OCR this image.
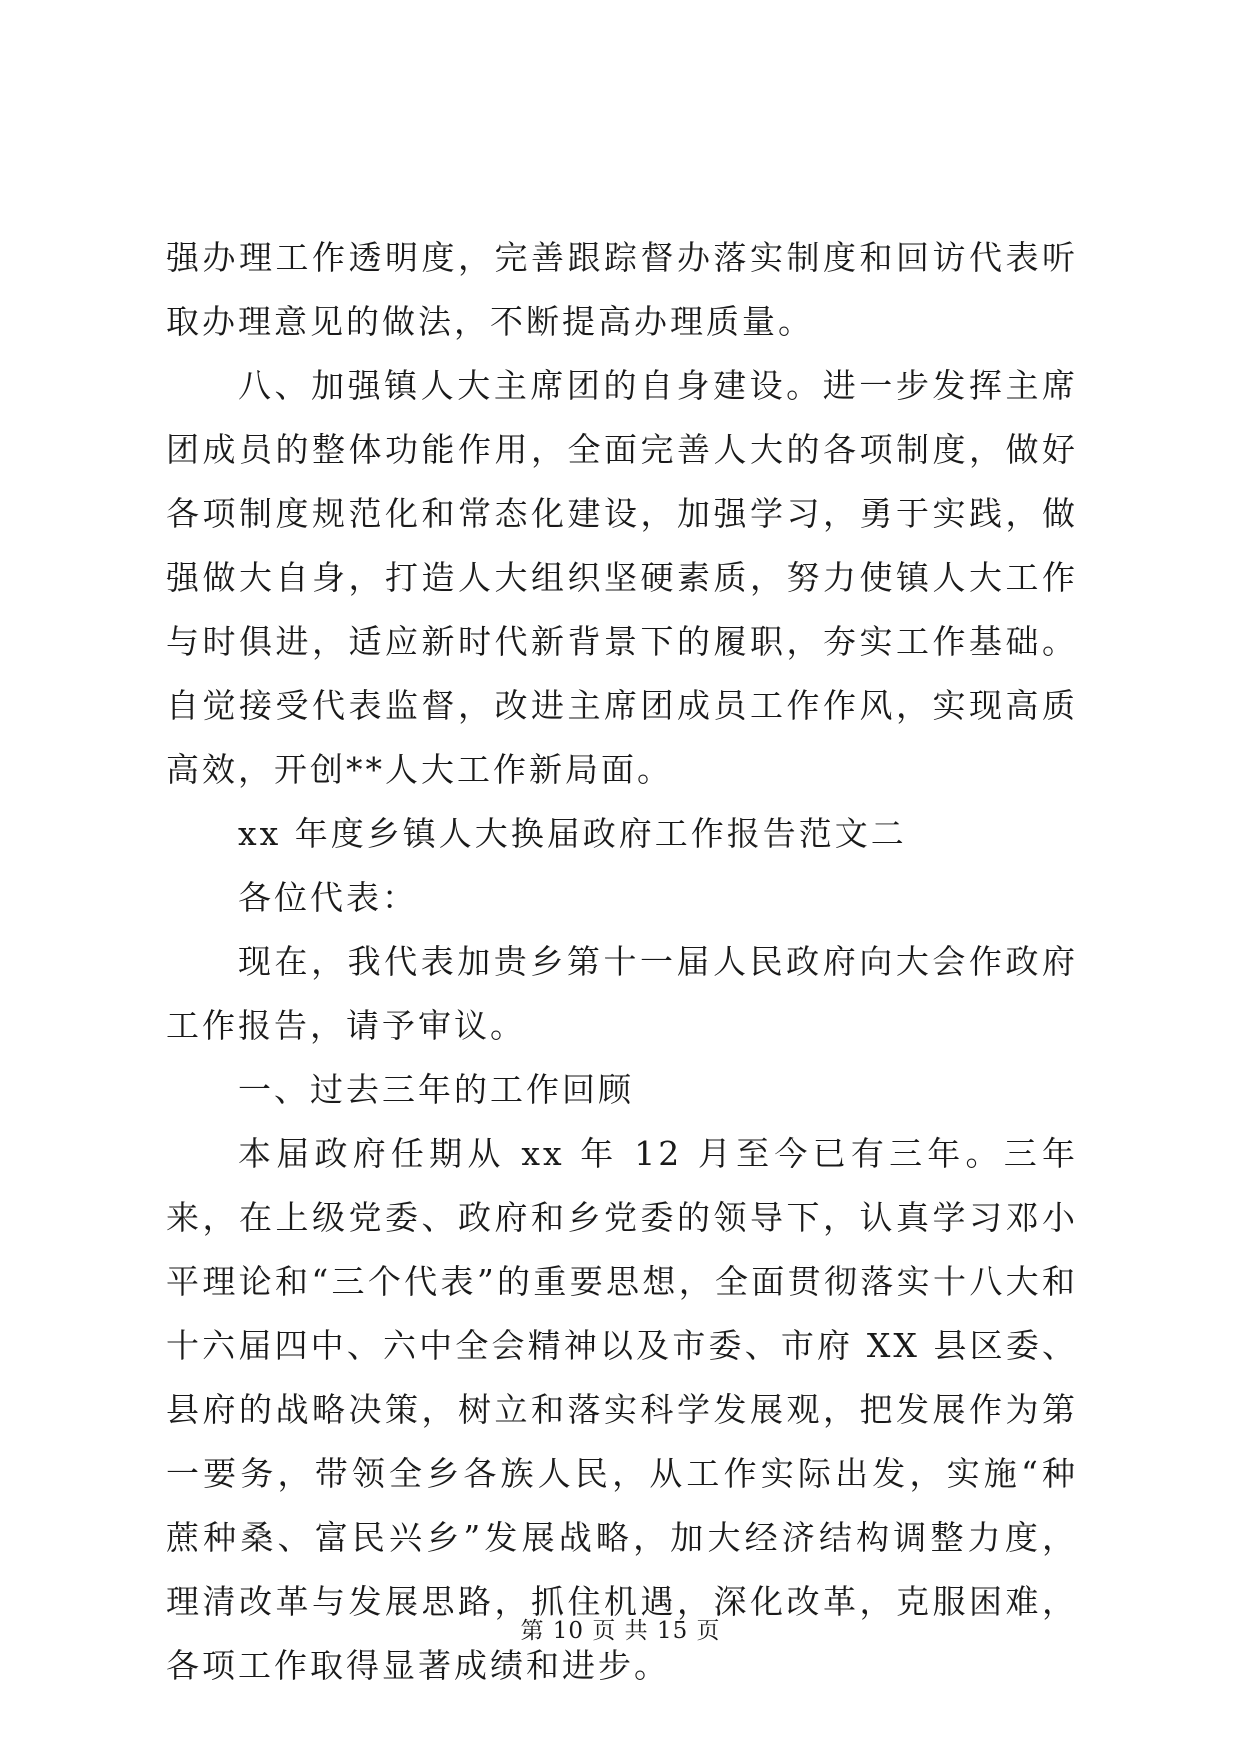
强办理工作透明度，完善跟踪督办落实制度和回访代表听取办理意见的做法，不断提高办理质量。

八、加强镇人大主席团的自身建设。进一步发挥主席团成员的整体功能作用，全面完善人大的各项制度，做好各项制度规范化和常态化建设，加强学习，勇于实践，做强做大自身，打造人大组织坚硬素质，努力使镇人大工作与时俱进，适应新时代新背景下的履职，夯实工作基础。自觉接受代表监督，改进主席团成员工作作风，实现高质高效，开创**人大工作新局面。

xx 年度乡镇人大换届政府工作报告范文二

各位代表：

现在，我代表加贵乡第十一届人民政府向大会作政府工作报告，请予审议。

一、过去三年的工作回顾

本届政府任期从 xx 年 12 月至今已有三年。三年来，在上级党委、政府和乡党委的领导下，认真学习邓小平理论和“三个代表”的重要思想，全面贯彻落实十八大和十六届四中、六中全会精神以及市委、市府 XX 县区委、县府的战略决策，树立和落实科学发展观，把发展作为第一要务，带领全乡各族人民，从工作实际出发，实施“种蔗种桑、富民兴乡”发展战略，加大经济结构调整力度，理清改革与发展思路，抓住机遇，深化改革，克服困难，各项工作取得显著成绩和进步。

第 10 页 共 15 页
